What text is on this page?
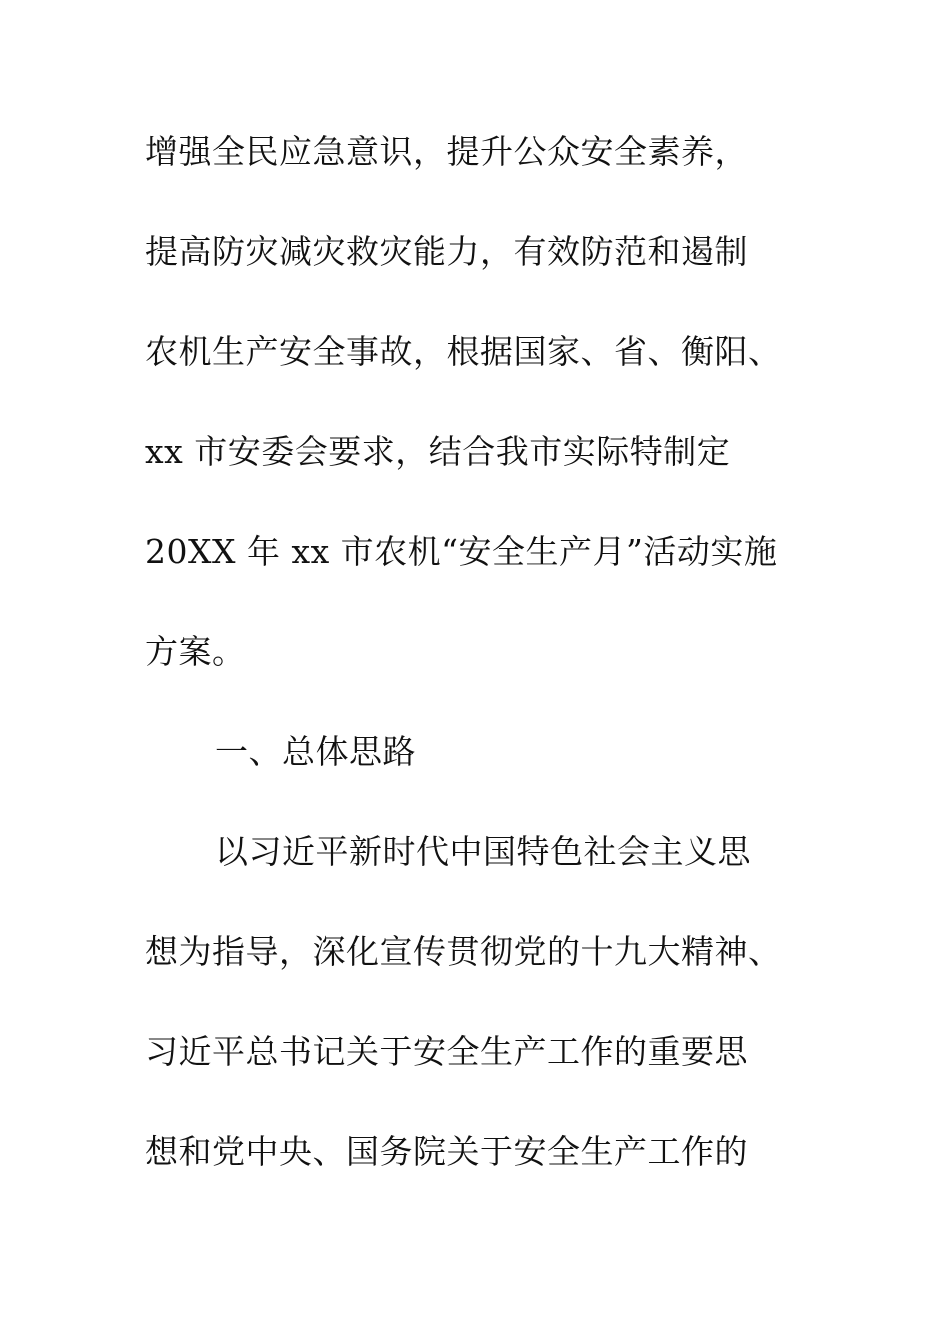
增强全民应急意识，提升公众安全素养，
提高防灾减灾救灾能力，有效防范和遏制
农机生产安全事故，根据国家、省、衡阳、
xx 市安委会要求，结合我市实际特制定
20XX 年 xx 市农机“安全生产月”活动实施
方案。
一、总体思路
以习近平新时代中国特色社会主义思
想为指导，深化宣传贯彻党的十九大精神、
习近平总书记关于安全生产工作的重要思
想和党中央、国务院关于安全生产工作的
